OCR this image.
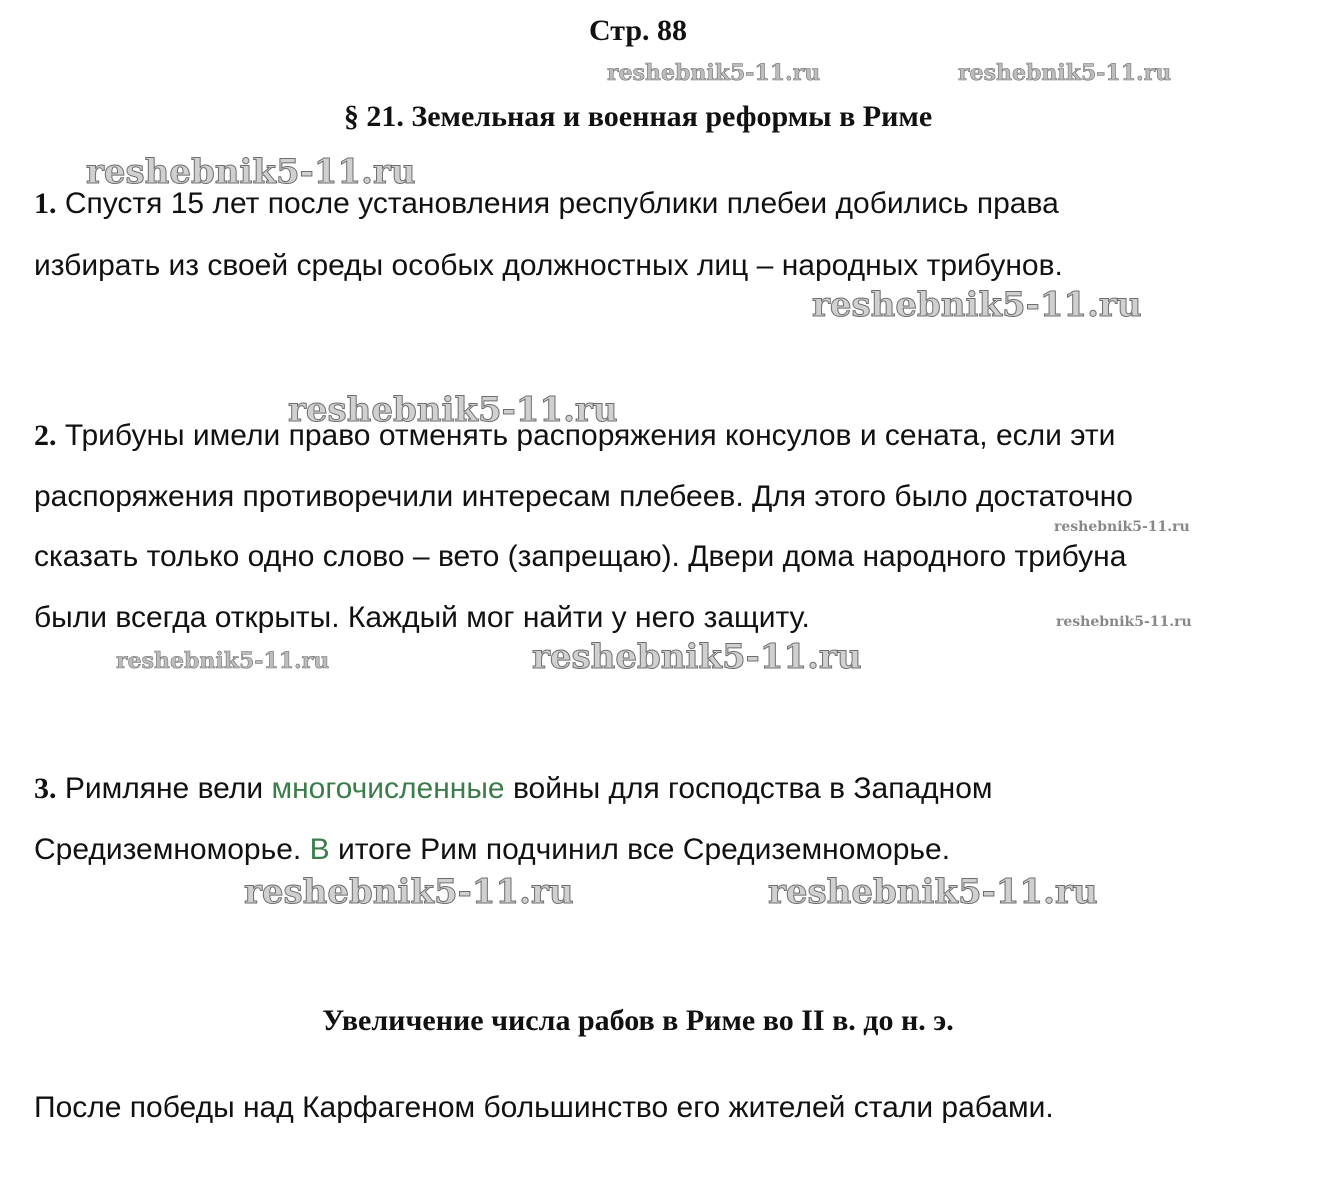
Стр. 88
§ 21. Земельная и военная реформы в Риме
1. Спустя 15 лет после установления республики плебеи добились права
избирать из своей среды особых должностных лиц – народных трибунов.
2. Трибуны имели право отменять распоряжения консулов и сената, если эти
распоряжения противоречили интересам плебеев. Для этого было достаточно
сказать только одно слово – вето (запрещаю). Двери дома народного трибуна
были всегда открыты. Каждый мог найти у него защиту.
3. Римляне вели многочисленные войны для господства в Западном
Средиземноморье. В итоге Рим подчинил все Средиземноморье.
Увеличение числа рабов в Риме во II в. до н. э.
После победы над Карфагеном большинство его жителей стали рабами.
reshebnik5-11.ru	reshebnik5-11.ru
reshebnik5-11.ru
reshebnik5-11.ru
reshebnik5-11.ru
reshebnik5-11.ru
reshebnik5-11.ru
reshebnik5-11.ru	reshebnik5-11.ru
reshebnik5-11.ru	reshebnik5-11.ru
